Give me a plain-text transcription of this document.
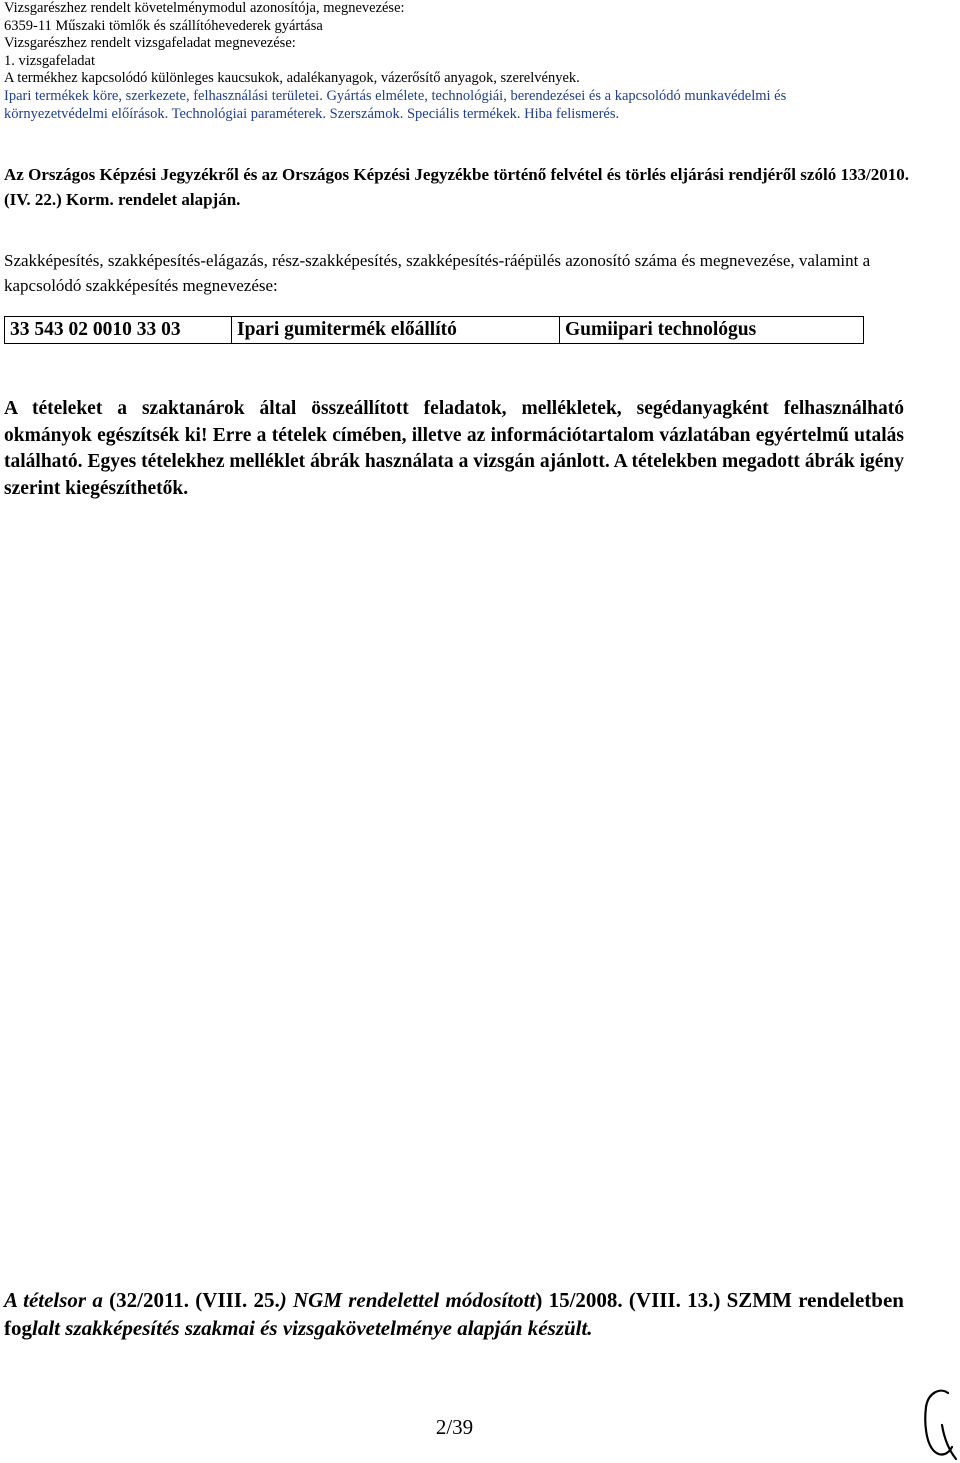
Vizsgarészhez rendelt követelménymodul azonosítója, megnevezése:
6359-11 Műszaki tömlők és szállítóhevederek gyártása
Vizsgarészhez rendelt vizsgafeladat megnevezése:
1. vizsgafeladat
A termékhez kapcsolódó különleges kaucsukok, adalékanyagok, vázerősítő anyagok, szerelvények.
Ipari termékek köre, szerkezete, felhasználási területei. Gyártás elmélete, technológiái, berendezései és a kapcsolódó munkavédelmi és
környezetvédelmi előírások. Technológiai paraméterek. Szerszámok. Speciális termékek. Hiba felismerés.
Az Országos Képzési Jegyzékről és az Országos Képzési Jegyzékbe történő felvétel és törlés eljárási rendjéről szóló 133/2010. (IV. 22.) Korm. rendelet alapján.
Szakképesítés, szakképesítés-elágazás, rész-szakképesítés, szakképesítés-ráépülés azonosító száma és megnevezése, valamint a kapcsolódó szakképesítés megnevezése:
33 543 02 0010 33 03	Ipari gumitermék előállító	Gumiipari technológus
A tételeket a szaktanárok által összeállított feladatok, mellékletek, segédanyagként felhasználható okmányok egészítsék ki! Erre a tételek címében, illetve az információtartalom vázlatában egyértelmű utalás található. Egyes tételekhez melléklet ábrák használata a vizsgán ajánlott. A tételekben megadott ábrák igény szerint kiegészíthetők.
A tételsor a (32/2011. (VIII. 25.) NGM rendelettel módosított) 15/2008. (VIII. 13.) SZMM rendeletben foglalt szakképesítés szakmai és vizsgakövetelménye alapján készült.
2/39
